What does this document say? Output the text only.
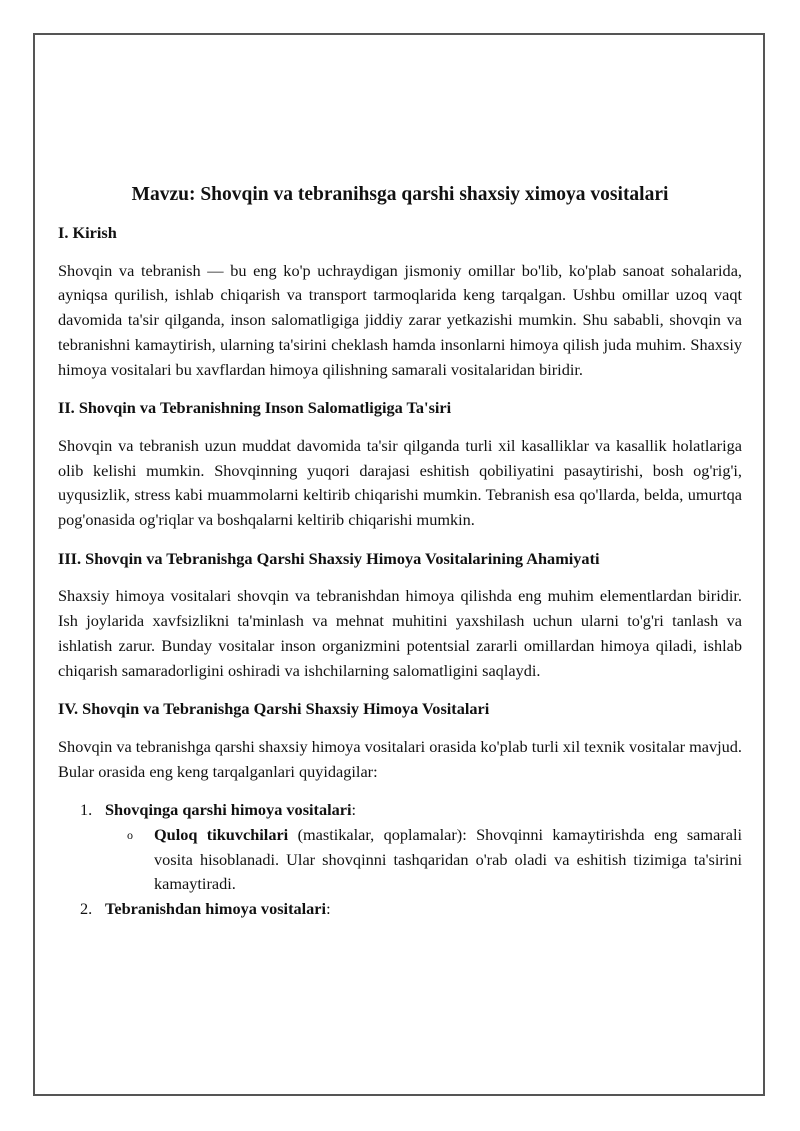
Mavzu: Shovqin va tebranihsga qarshi shaxsiy ximoya vositalari
I. Kirish

Shovqin va tebranish — bu eng ko'p uchraydigan jismoniy omillar bo'lib, ko'plab sanoat sohalarida, ayniqsa qurilish, ishlab chiqarish va transport tarmoqlarida keng tarqalgan. Ushbu omillar uzoq vaqt davomida ta'sir qilganda, inson salomatligiga jiddiy zarar yetkazishi mumkin. Shu sababli, shovqin va tebranishni kamaytirish, ularning ta'sirini cheklash hamda insonlarni himoya qilish juda muhim. Shaxsiy himoya vositalari bu xavflardan himoya qilishning samarali vositalaridan biridir.

II. Shovqin va Tebranishning Inson Salomatligiga Ta'siri

Shovqin va tebranish uzun muddat davomida ta'sir qilganda turli xil kasalliklar va kasallik holatlariga olib kelishi mumkin. Shovqinning yuqori darajasi eshitish qobiliyatini pasaytirishi, bosh og'rig'i, uyqusizlik, stress kabi muammolarni keltirib chiqarishi mumkin. Tebranish esa qo'llarda, belda, umurtqa pog'onasida og'riqlar va boshqalarni keltirib chiqarishi mumkin.

III. Shovqin va Tebranishga Qarshi Shaxsiy Himoya Vositalarining Ahamiyati

Shaxsiy himoya vositalari shovqin va tebranishdan himoya qilishda eng muhim elementlardan biridir. Ish joylarida xavfsizlikni ta'minlash va mehnat muhitini yaxshilash uchun ularni to'g'ri tanlash va ishlatish zarur. Bunday vositalar inson organizmini potentsial zararli omillardan himoya qiladi, ishlab chiqarish samaradorligini oshiradi va ishchilarning salomatligini saqlaydi.

IV. Shovqin va Tebranishga Qarshi Shaxsiy Himoya Vositalari

Shovqin va tebranishga qarshi shaxsiy himoya vositalari orasida ko'plab turli xil texnik vositalar mavjud. Bular orasida eng keng tarqalganlari quyidagilar:

1. Shovqinga qarshi himoya vositalari:
o Quloq tikuvchilari (mastikalar, qoplamalar): Shovqinni kamaytirishda eng samarali vosita hisoblanadi. Ular shovqinni tashqaridan o'rab oladi va eshitish tizimiga ta'sirini kamaytiradi.
2. Tebranishdan himoya vositalari:
